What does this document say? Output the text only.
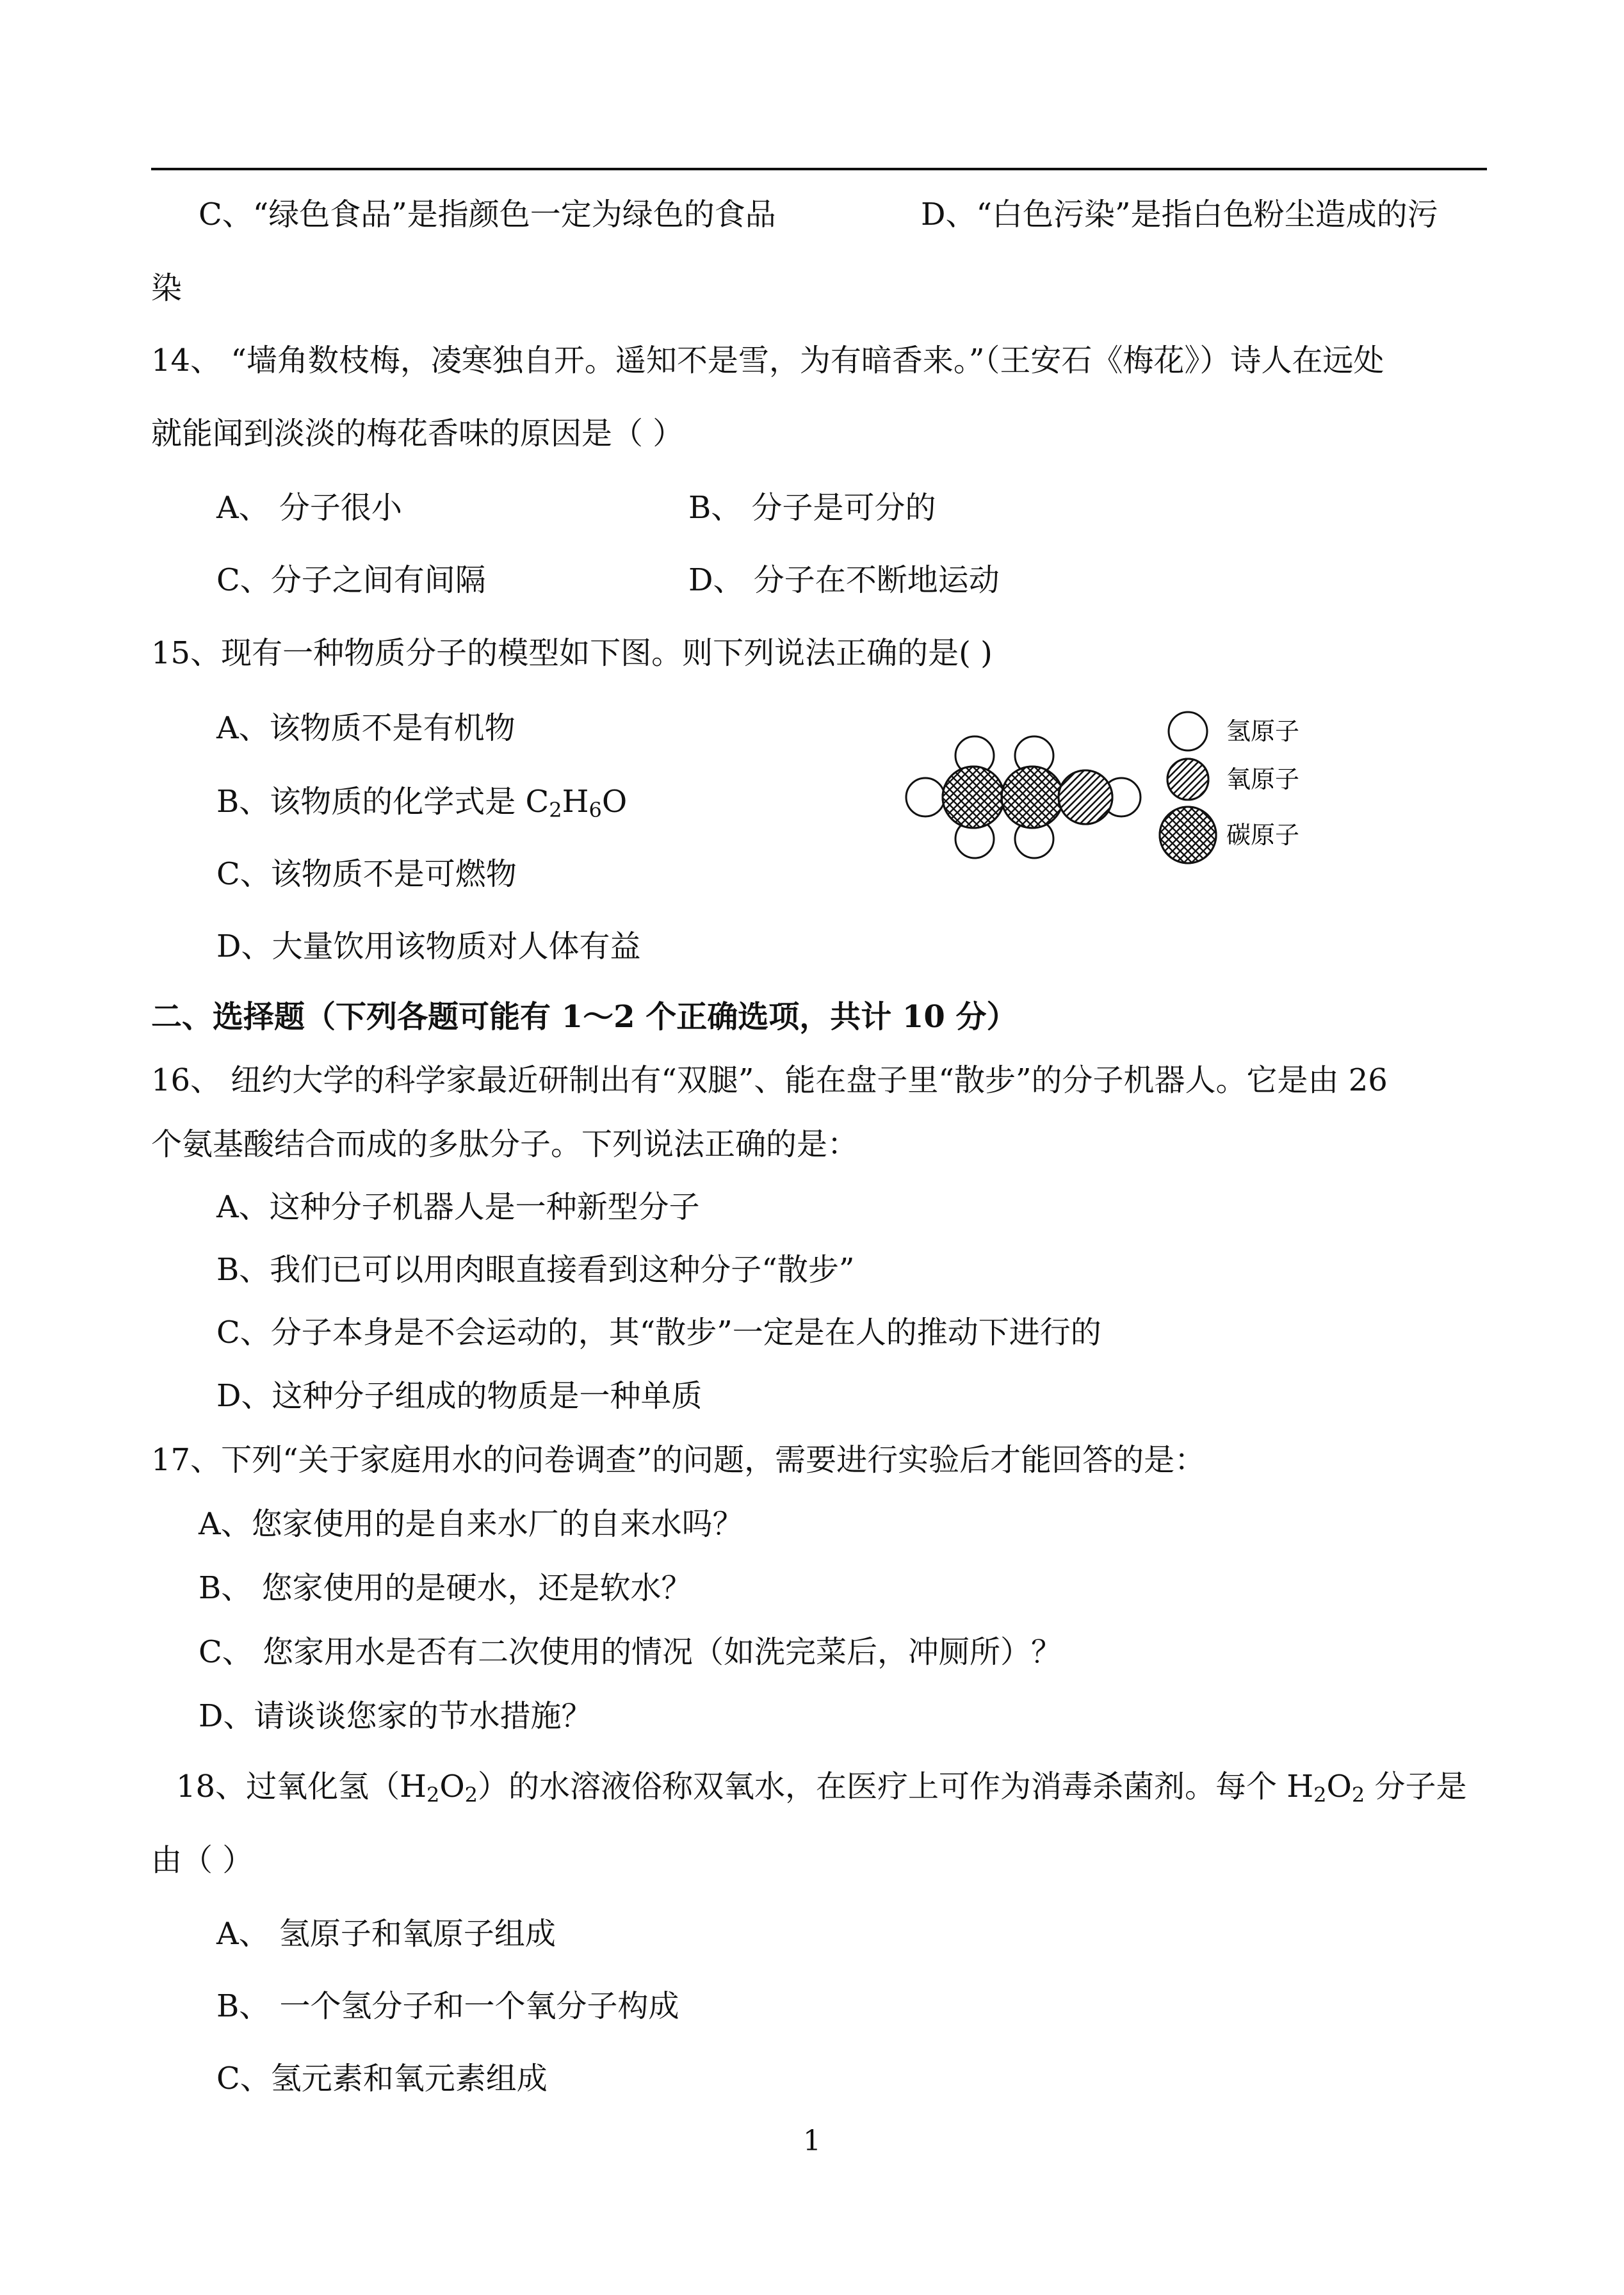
C、“绿色食品”是指颜色一定为绿色的食品	D、“白色污染”是指白色粉尘造成的污
染
14、 “墙角数枝梅，凌寒独自开。遥知不是雪，为有暗香来。”（王安石《梅花》）诗人在远处
就能闻到淡淡的梅花香味的原因是（ ）
A、 分子很小	B、 分子是可分的
C、分子之间有间隔	D、 分子在不断地运动
15、现有一种物质分子的模型如下图。则下列说法正确的是( )
A、该物质不是有机物
B、该物质的化学式是 $C_2H_6O$
C、该物质不是可燃物
D、大量饮用该物质对人体有益
氢原子
氧原子
碳原子
二、选择题（下列各题可能有 1～2 个正确选项，共计 10 分）
16、 纽约大学的科学家最近研制出有“双腿”、能在盘子里“散步”的分子机器人。它是由 26
个氨基酸结合而成的多肽分子。下列说法正确的是：
A、这种分子机器人是一种新型分子
B、我们已可以用肉眼直接看到这种分子“散步”
C、分子本身是不会运动的，其“散步”一定是在人的推动下进行的
D、这种分子组成的物质是一种单质
17、下列“关于家庭用水的问卷调查”的问题，需要进行实验后才能回答的是：
A、您家使用的是自来水厂的自来水吗？
B、 您家使用的是硬水，还是软水？
C、 您家用水是否有二次使用的情况（如洗完菜后，冲厕所）？
D、请谈谈您家的节水措施？
18、过氧化氢$(H_2O_2)$的水溶液俗称双氧水，在医疗上可作为消毒杀菌剂。每个 $H_2O_2$ 分子是
由（ ）
A、 氢原子和氧原子组成
B、 一个氢分子和一个氧分子构成
C、氢元素和氧元素组成
1
